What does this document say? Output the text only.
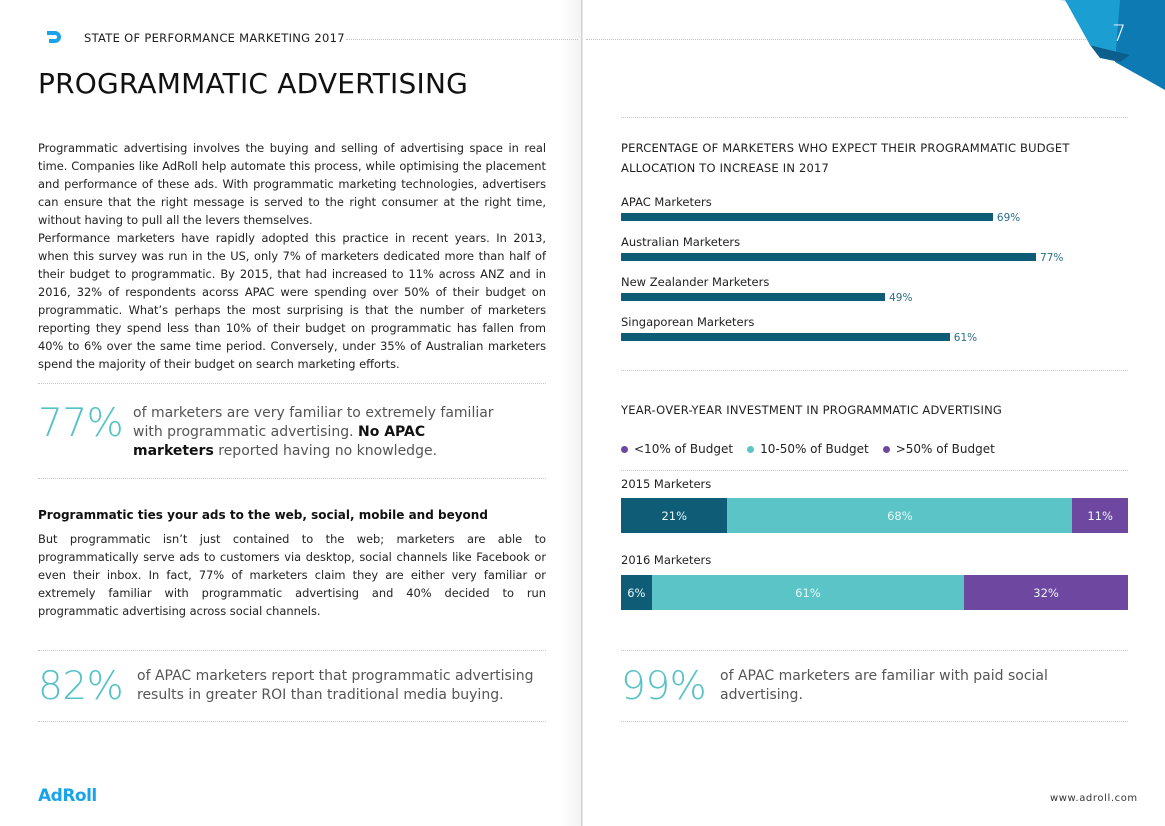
7
STATE OF PERFORMANCE MARKETING 2017
PROGRAMMATIC ADVERTISING

Programmatic advertising involves the buying and selling of advertising space in real time. Companies like AdRoll help automate this process, while optimising the placement and performance of these ads. With programmatic marketing technologies, advertisers can ensure that the right message is served to the right consumer at the right time, without having to pull all the levers themselves.

Performance marketers have rapidly adopted this practice in recent years. In 2013, when this survey was run in the US, only 7% of marketers dedicated more than half of their budget to programmatic. By 2015, that had increased to 11% across ANZ and in 2016, 32% of respondents acorss APAC were spending over 50% of their budget on programmatic. What’s perhaps the most surprising is that the number of marketers reporting they spend less than 10% of their budget on programmatic has fallen from 40% to 6% over the same time period. Conversely, under 35% of Australian marketers spend the majority of their budget on search marketing efforts.

77% of marketers are very familiar to extremely familiar with programmatic advertising. No APAC marketers reported having no knowledge.
Programmatic ties your ads to the web, social, mobile and beyond

But programmatic isn’t just contained to the web; marketers are able to programmatically serve ads to customers via desktop, social channels like Facebook or even their inbox. In fact, 77% of marketers claim they are either very familiar or extremely familiar with programmatic advertising and 40% decided to run programmatic advertising across social channels.

82% of APAC marketers report that programmatic advertising results in greater ROI than traditional media buying.
PERCENTAGE OF MARKETERS WHO EXPECT THEIR PROGRAMMATIC BUDGET ALLOCATION TO INCREASE IN 2017
APAC Marketers
69%
Australian Marketers
77%
New Zealander Marketers
49%
Singaporean Marketers
61%
YEAR-OVER-YEAR INVESTMENT IN PROGRAMMATIC ADVERTISING
<10% of Budget 10-50% of Budget >50% of Budget
2015 Marketers
21%	68%	11%
2016 Marketers
6%	61%	32%
99% of APAC marketers are familiar with paid social advertising.
AdRoll	www.adroll.com
